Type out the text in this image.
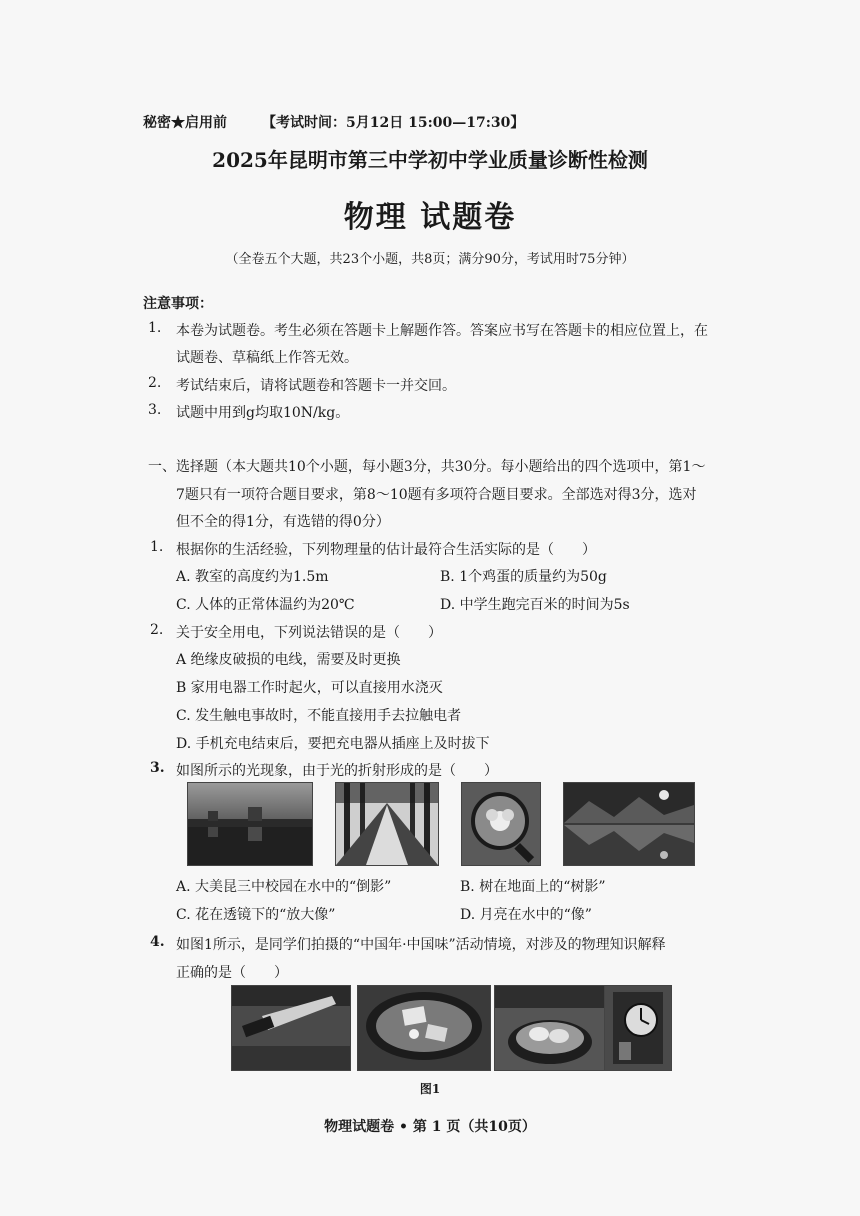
秘密★启用前	【考试时间：5月12日 15:00—17:30】
2025年昆明市第三中学初中学业质量诊断性检测
物理 试题卷
（全卷五个大题，共23个小题，共8页；满分90分，考试用时75分钟）
注意事项：
1. 本卷为试题卷。考生必须在答题卡上解题作答。答案应书写在答题卡的相应位置上，在
试题卷、草稿纸上作答无效。
2. 考试结束后，请将试题卷和答题卡一并交回。
3. 试题中用到g均取10N/kg。
一、选择题（本大题共10个小题，每小题3分，共30分。每小题给出的四个选项中，第1～
7题只有一项符合题目要求，第8～10题有多项符合题目要求。全部选对得3分，选对
但不全的得1分，有选错的得0分）
1. 根据你的生活经验，下列物理量的估计最符合生活实际的是（　　）
A. 教室的高度约为1.5m	B. 1个鸡蛋的质量约为50g
C. 人体的正常体温约为20℃	D. 中学生跑完百米的时间为5s
2. 关于安全用电，下列说法错误的是（　　）
A 绝缘皮破损的电线，需要及时更换
B 家用电器工作时起火，可以直接用水浇灭
C. 发生触电事故时，不能直接用手去拉触电者
D. 手机充电结束后，要把充电器从插座上及时拔下
3. 如图所示的光现象，由于光的折射形成的是（　　）
A. 大美昆三中校园在水中的“倒影”	B. 树在地面上的“树影”
C. 花在透镜下的“放大像”	D. 月亮在水中的“像”
4. 如图1所示，是同学们拍摄的“中国年·中国味”活动情境，对涉及的物理知识解释
正确的是（　　）
图1
物理试题卷 • 第 1 页（共10页）
